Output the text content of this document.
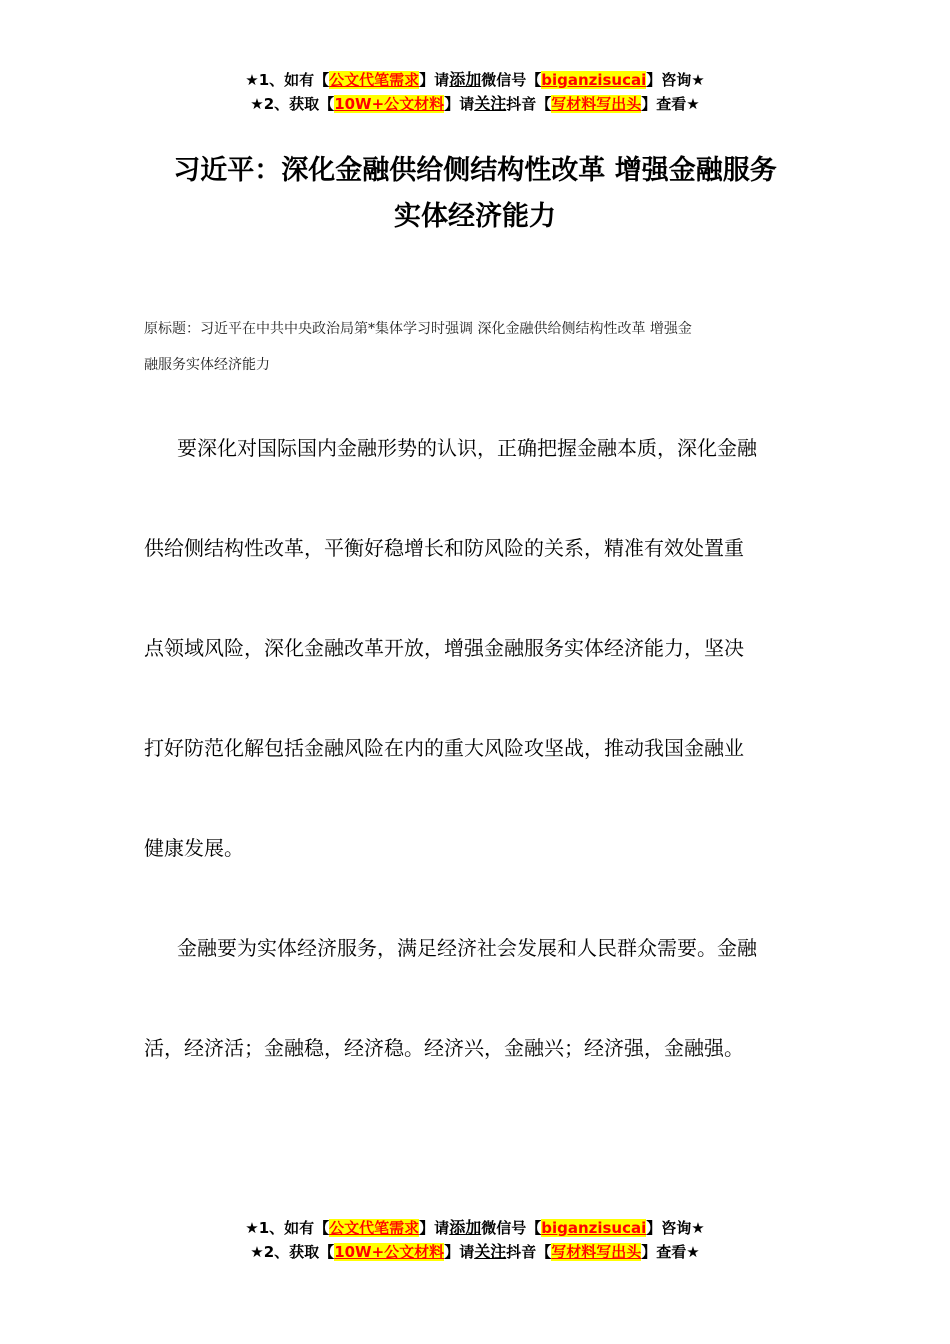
★1、如有【公文代笔需求】请添加微信号【biganzisucai】咨询★
★2、获取【10W+公文材料】请关注抖音【写材料写出头】查看★
习近平：深化金融供给侧结构性改革 增强金融服务
实体经济能力
原标题：习近平在中共中央政治局第*集体学习时强调 深化金融供给侧结构性改革 增强金
融服务实体经济能力
要深化对国际国内金融形势的认识，正确把握金融本质，深化金融
供给侧结构性改革，平衡好稳增长和防风险的关系，精准有效处置重
点领域风险，深化金融改革开放，增强金融服务实体经济能力，坚决
打好防范化解包括金融风险在内的重大风险攻坚战，推动我国金融业
健康发展。
金融要为实体经济服务，满足经济社会发展和人民群众需要。金融
活，经济活；金融稳，经济稳。经济兴，金融兴；经济强，金融强。
★1、如有【公文代笔需求】请添加微信号【biganzisucai】咨询★
★2、获取【10W+公文材料】请关注抖音【写材料写出头】查看★
